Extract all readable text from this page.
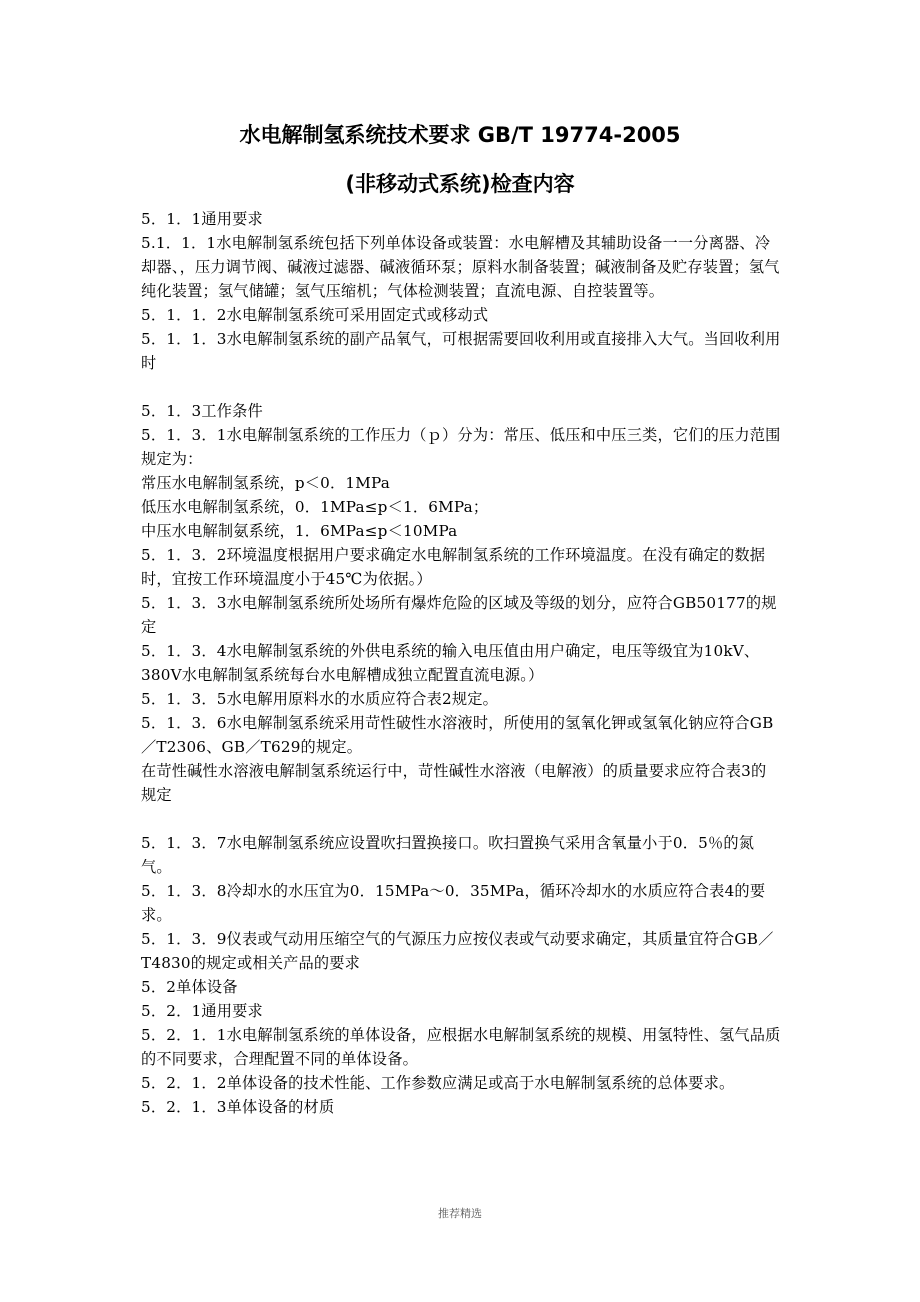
水电解制氢系统技术要求 GB/T 19774-2005
(非移动式系统)检查内容

5．1．1通用要求

5.1．1．1水电解制氢系统包括下列单体设备或装置：水电解槽及其辅助设备一一分离器、冷却器、，压力调节阀、碱液过滤器、碱液循环泵；原料水制备装置；碱液制备及贮存装置；氢气纯化装置；氢气储罐；氢气压缩机；气体检测装置；直流电源、自控装置等。

5．1．1．2水电解制氢系统可采用固定式或移动式

5．1．1．3水电解制氢系统的副产品氧气，可根据需要回收利用或直接排入大气。当回收利用时

5．1．3工作条件

5．1．3．1水电解制氢系统的工作压力（ｐ）分为：常压、低压和中压三类，它们的压力范围规定为：

常压水电解制氢系统，p＜0．1MPa

低压水电解制氢系统，0．1MPa≤p＜1．6MPa；

中压水电解制氨系统，1．6MPa≤p＜10MPa

5．1．3．2环境温度根据用户要求确定水电解制氢系统的工作环境温度。在没有确定的数据时，宜按工作环境温度小于45℃为依据。）

5．1．3．3水电解制氢系统所处场所有爆炸危险的区域及等级的划分，应符合GB50177的规定

5．1．3．4水电解制氢系统的外供电系统的输入电压值由用户确定，电压等级宜为10kV、380V水电解制氢系统每台水电解槽成独立配置直流电源。）

5．1．3．5水电解用原料水的水质应符合表2规定。

5．1．3．6水电解制氢系统采用苛性破性水溶液时，所使用的氢氧化钾或氢氧化钠应符合GB／T2306、GB／T629的规定。

在苛性碱性水溶液电解制氢系统运行中，苛性碱性水溶液（电解液）的质量要求应符合表3的规定

5．1．3．7水电解制氢系统应设置吹扫置换接口。吹扫置换气采用含氧量小于0．5％的氮气。

5．1．3．8冷却水的水压宜为0．15MPa～0．35MPa，循环冷却水的水质应符合表4的要求。

5．1．3．9仪表或气动用压缩空气的气源压力应按仪表或气动要求确定，其质量宜符合GB／T4830的规定或相关产品的要求

5．2单体设备

5．2．1通用要求

5．2．1．1水电解制氢系统的单体设备，应根据水电解制氢系统的规模、用氢特性、氢气品质的不同要求，合理配置不同的单体设备。

5．2．1．2单体设备的技术性能、工作参数应满足或高于水电解制氢系统的总体要求。

5．2．1．3单体设备的材质

推荐精选
